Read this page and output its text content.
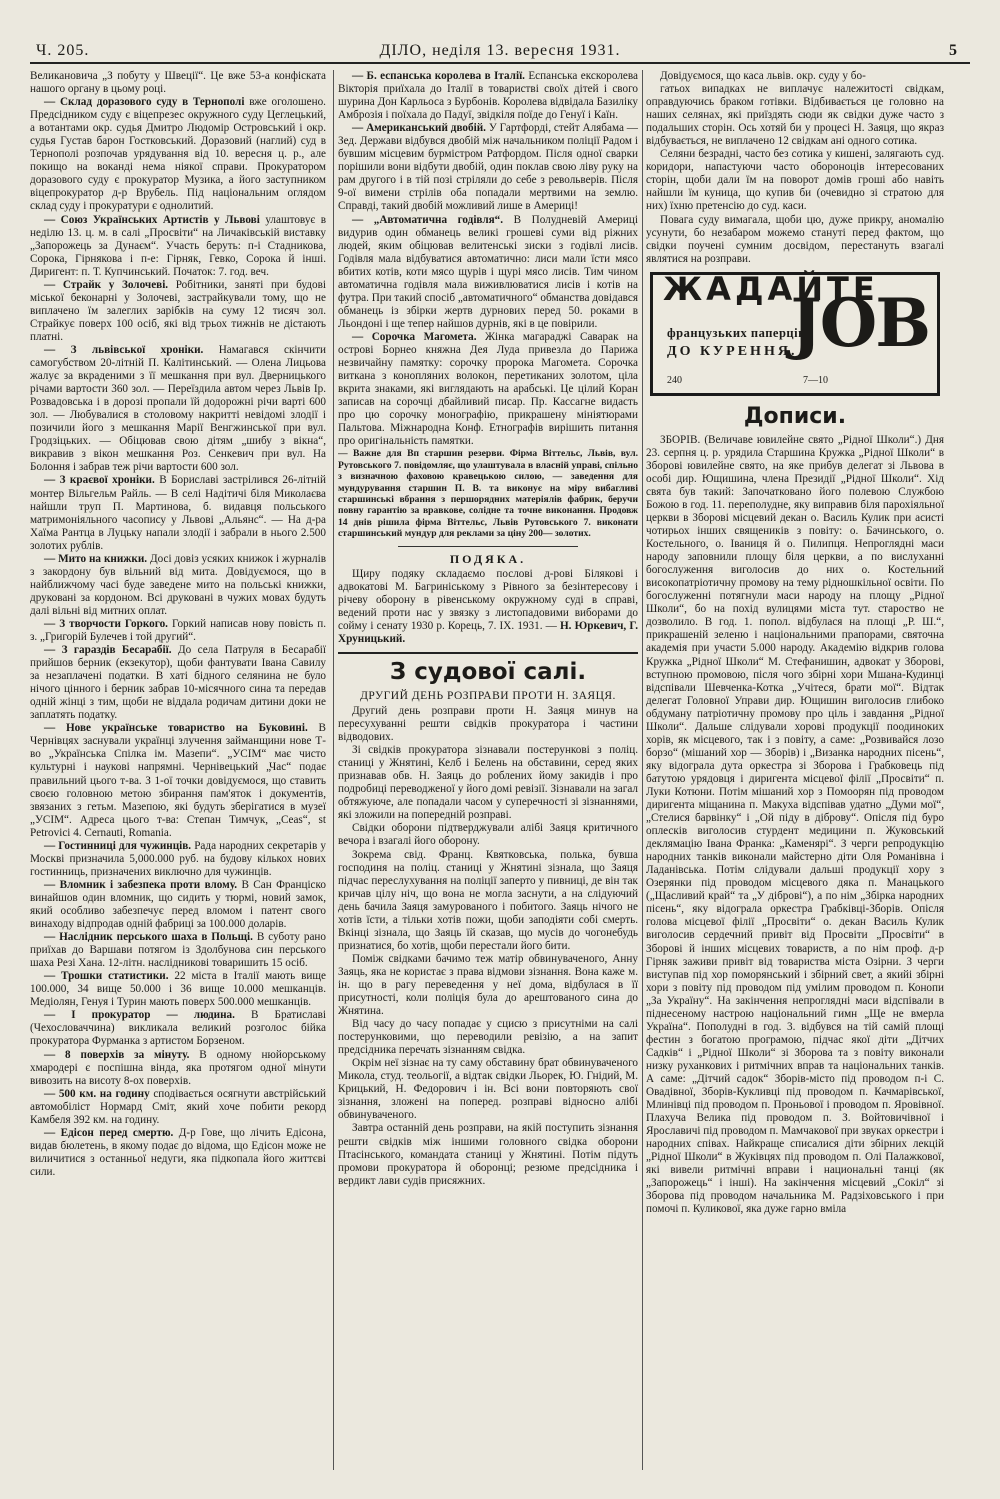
Ч. 205.	ДІЛО, неділя 13. вересня 1931.	5

Великановича „З побуту у Швеції“. Це вже 53-а конфіската нашого органу в цьому році.

— Склад доразового суду в Тернополі вже оголошено. Предсідником суду є віцепрезес окружного суду Цеглецький, а вотантами окр. судья Дмитро Людомір Островський і окр. судья Густав барон Гостковський. Доразовий (наглий) суд в Тернополі розпочав урядування від 10. вересня ц. р., але покищо на воканді нема ніякої справи. Прокуратором доразового суду є прокуратор Музика, а його заступником віцепрокуратор д-р Врубель. Під національним оглядом склад суду і прокуратури є однолитий.

— Союз Українських Артистів у Львові улаштовує в неділю 13. ц. м. в салі „Просвіти“ на Личаківській виставку „Запорожець за Дунаєм“. Участь беруть: п-і Стадникова, Сорока, Гірнякова і п-е: Гірняк, Гевко, Сорока й інші. Диригент: п. Т. Купчинський. Початок: 7. год. веч.

— Страйк у Золочеві. Робітники, заняті при будові міської беконарні у Золочеві, застрайкували тому, що не виплачено їм залеглих зарібків на суму 12 тисяч зол. Страйкує поверх 100 осіб, які від трьох тижнів не дістають платні.

— З львівської хроніки. Намагався скінчити самогубством 20-літній П. Калітинський. — Олена Лицьова жалує за вкраденими з її мешкання при вул. Дверницького річами вартости 360 зол. — Переїздила автом через Львів Ір. Розвадовська і в дорозі пропали їй додорожні річи варті 600 зол. — Любувалися в столовому накритті невідомі злодії і позичили його з мешкання Марії Венгжинської при вул. Гродзіцьких. — Обіцював свою дітям „шибу з вікна“, викравив з вікон мешкання Роз. Сенкевич при вул. На Болоння і забрав теж річи вартости 600 зол.

— З краєвої хроніки. В Бориславі застрілився 26-літній монтер Вільгельм Райль. — В селі Надітичі біля Миколаєва найшли труп П. Мартинова, б. видавця польського матримоніяльного часопису у Львові „Альянс“. — На д-ра Хаїма Рантца в Луцьку напали злодії і забрали в нього 2.500 золотих рублів.

— Мито на книжки. Досі довіз усяких книжок і журналів з закордону був вільний від мита. Довідуємося, що в найближчому часі буде заведене мито на польські книжки, друковані за кордоном. Всі друковані в чужих мовах будуть далі вільні від митних оплат.

— З творчости Горкого. Горкий написав нову повість п. з. „Григорій Булечев і той другий“.

— З гараздів Бесарабії. До села Патруля в Бесарабії прийшов берник (екзекутор), щоби фантувати Івана Савилу за незаплачені податки. В хаті бідного селянина не було нічого цінного і берник забрав 10-місячного сина та передав одній жінці з тим, щоби не віддала родичам дитини доки не заплатять податку.

— Нове українське товариство на Буковині. В Чернівцях заснували українці злучення займанщини нове Т-во „Українська Спілка ім. Мазепи“. „УСІМ“ має чисто культурні і наукові напрямні. Чернівецький „Час“ подає правильний цього т-ва. З 1-ої точки довідуємося, що ставить своєю головною метою збирання пам'яток і документів, звязаних з гетьм. Мазепою, які будуть зберігатися в музеї „УСІМ“. Адреса цього т-ва: Степан Тимчук, „Ceas“, st Petrovici 4. Cernauti, Romania.

— Гостинниці для чужинців. Рада народних секретарів у Москві призначила 5,000.000 руб. на будову кількох нових гостинниць, призначених виключно для чужинців.

— Вломник і забезпека проти влому. В Сан Франціско винайшов один вломник, що сидить у тюрмі, новий замок, який особливо забезпечує перед вломом і патент свого винаходу відпродав одній фабриці за 100.000 доларів.

— Наслідник перського шаха в Польщі. В суботу рано приїхав до Варшави потягом із Здолбунова син перського шаха Резі Хана. 12-літн. наслідникові товаришить 15 осіб.

— Трошки статистики. 22 міста в Італії мають вище 100.000, 34 вище 50.000 і 36 вище 10.000 мешканців. Медіолян, Генуя і Турин мають поверх 500.000 мешканців.

— І прокуратор — людина. В Братиславі (Чехословаччина) викликала великий розголос бійка прокуратора Фурманка з артистом Борзеном.

— 8 поверхів за мінуту. В одному нюйорському хмародері є поспішна вінда, яка протягом одної мінути вивозить на висоту 8-ох поверхів.

— 500 км. на годину сподівається осягнути австрійський автомобіліст Нормард Сміт, який хоче побити рекорд Камбеля 392 км. на годину.

— Едісон перед смертю. Д-р Гове, що лічить Едісона, видав бюлетень, в якому подає до відома, що Едісон може не виличитися з останньої недуги, яка підкопала його життєві сили.

— Б. еспанська королева в Італії. Еспанська екскоролева Вікторія приїхала до Італії в товаристві своїх дітей і свого шурина Дон Карльоса з Бурбонів. Королева відвідала Базиліку Амброзія і поїхала до Падуї, звідкіля поїде до Генуї і Каїн.

— Американський двобій. У Гартфорді, стейт Алябама — Зед. Держави відбувся двобій між начальником поліції Радом і бувшим місцевим бурмістром Ратфордом. Після одної сварки порішили вони відбути двобій, один поклав свою ліву руку на рам другого і в тій позі стріляли до себе з револьверів. Після 9-ої вимени стрілів оба попадали мертвими на землю. Справді, такий двобій можливий лише в Америці!

— „Автоматична годівля“. В Полудневій Америці видурив один обманець великі грошеві суми від ріжних людей, яким обіцював велитенські зиски з годівлі лисів. Годівля мала відбуватися автоматично: лиси мали їсти мясо вбитих котів, коти мясо щурів і щурі мясо лисів. Тим чином автоматична годівля мала виживлюватися лисів і котів на футра. При такий спосіб „автоматичного“ обманства довідався обманець із збірки жертв дурнових перед 50. роками в Льондоні і ще тепер найшов дурнів, які в це повірили.

— Сорочка Магомета. Жінка магараджі Саварак на острові Борнео княжна Дея Луда привезла до Парижа незвичайну памятку: сорочку пророка Магомета. Сорочка виткана з конопляних волокон, перетиканих золотом, ціла вкрита знаками, які виглядають на арабські. Це цілий Коран записав на сорочці дбайливий писар. Пр. Кассагне видасть про цю сорочку монографію, прикрашену мініятюрами Пальтова. Міжнародна Конф. Етнографів вирішить питання про оригінальність памятки.

— Важне для Вп старшин резерви. Фірма Віттельс, Львів, вул. Рутовського 7. повідомляє, що улаштувала в власній управі, спільно з визначною фаховою кравецькою силою, — заведення для мундурування старшин П. В. та виконує на міру вибагливі старшинські вбрання з першорядних матеріялів фабрик, беручи повну гарантію за вравкове, солідне та точне виконання. Продовж 14 днів рішила фірма Віттельс, Львів Рутовського 7. виконати старшинський мундур для реклами за ціну 200— золотих.

ПОДЯКА.

Щиру подяку складаємо послові д-рові Білякові і адвокатові М. Багриніському з Рівного за безінтересову і річеву оборону в рівенському окружному суді в справі, ведений проти нас у звязку з листопадовими виборами до сойму і сенату 1930 р. Корець, 7. IX. 1931. — Н. Юркевич, Г. Хруницький.

З судової салі.
ДРУГИЙ ДЕНЬ РОЗПРАВИ ПРОТИ Н. ЗАЯЦЯ.

Другий день розправи проти Н. Заяця минув на пересухуванні решти свідків прокуратора і частини відводових.

Зі свідків прокуратора зізнавали постерунковi з поліц. станиці у Жнятині, Келб і Белень на обставини, серед яких признавав обв. Н. Заяць до роблених йому закидів і про подробиці переводженої у його домі ревізії. Зізнавали на загал обтяжуюче, але попадали часом у суперечності зі зізнаннями, які зложили на попередній розправі.

Свідки оборони підтверджували алібі Заяця критичного вечора і взагалі його оборону.

Зокрема свід. Франц. Квятковська, полька, бувша господиня на поліц. станиці у Жнятині зізнала, що Заяця підчас переслухування на поліції заперто у пивниці, де він так кричав цілу ніч, що вона не могла заснути, а на слідуючий день бачила Заяця замурованого і побитого. Заяць нічого не хотів їсти, а тільки хотів пожи, щоби заподіяти собі смерть. Вкінці зізнала, що Заяць їй сказав, що мусів до чогонебудь признатися, бо хотів, щоби перестали його бити.

Поміж свідками бачимо теж матір обвинуваченого, Анну Заяць, яка не користає з права відмови зізнання. Вона каже м. ін. що в рагу переведення у неї дома, відбулася в її присутності, коли поліція була до арештованого сина до Жнятина.

Від часу до часу попадає у сцисю з присутніми на салі постерунковими, що переводили ревізію, а на запит предсідника перечать зізнанням свідка.

Окрім неї зізнає на ту саму обставину брат обвинуваченого Микола, студ. теольогії, а відтак свідки Льорек, Ю. Гнідий, М. Крицький, Н. Федорович і ін. Всі вони повторяють свої зізнання, зложені на попеpед. розправі відносно алібі обвинуваченого.

Завтра останній день розправи, на якій поступить зізнання решти свідків між іншими головного свідка оборони Птасінського, командата станиці у Жнятині. Потім підуть промови прокуратора й оборонці; резюме предсідника і вердикт лави судів присяжних.

Довідуємося, що каса львів. окр. суду у бо-

гатьох випадках не виплачує належитості свідкам, оправдуючись браком готівки. Відбивається це головно на наших селянах, які приїздять сюди як свідки дуже часто з подальших сторін. Ось хотяй би у процесі Н. Заяця, що якраз відбувається, не виплачено 12 свідкам ані одного сотика.

Селяни безрадні, часто без сотика у кишені, залягають суд. коридори, напастуючи часто обороноців інтересованих сторін, щоби дали їм на поворот домів гроші або навіть найшли їм куница, що купив би (очевидно зі стратою для них) їхню претенсію до суд. каси.

Повага суду вимагала, щоби цю, дуже прикру, аномалію усунути, бо незабаром можемо стануті перед фактом, що свідки поучені сумним досвідом, перестануть взагалі являтися на розправи.

ЖАДАЙТЕ
французьких паперців
ДО КУРЕННЯ.
JOB
240	7—10
Дописи.

ЗБОРІВ. (Величаве ювилейне свято „Рідної Школи“.) Дня 23. серпня ц. р. урядила Старшина Кружка „Рідної Школи“ в Зборові ювилейне свято, на яке прибув делегат зі Львова в особі дир. Ющишина, члена Президії „Рідної Школи“. Хід свята був такий: Започатковано його полевою Службою Божою в год. 11. переполудне, яку виправив біля парохіяльної церкви в Зборові місцевий декан о. Василь Кулик при асисті чотирьох інших священиків з повіту: о. Бачинського, о. Костельного, о. Іваниця й о. Пилипця. Непроглядні маси народу заповнили площу біля церкви, а по вислуханні богослуження виголосив до них о. Костельний високопатріотичну промову на тему рідношкільної освіти. По богослуженні потягнули маси народу на площу „Рідної Школи“, бо на похід вулицями міста тут. староство не дозволило. В год. 1. попол. відбулася на площі „Р. Ш.“, прикрашеній зеленю і національними прапорами, святочна академія при участи 5.000 народу. Академію відкрив голова Кружка „Рідної Школи“ М. Стефанишин, адвокат у Зборові, вступною промовою, після чого збірні хори Мшана-Кудинці відспівали Шевченка-Котка „Учітеся, брати мої“. Відтак делегат Головної Управи дир. Ющишин виголосив глибоко обдуману патріотичну промову про ціль і завдання „Рідної Школи“. Дальше слідували хорові продукції поодиноких хорів, як місцевого, так і з повіту, а саме: „Розвивайся лозо борзо“ (мішаний хор — Зборів) і „Визанка народних пісень“, яку відограла дута оркестра зі Зборова і Грабковець під батутою урядовця і диригента місцевої філії „Просвіти“ п. Луки Котюни. Потім мішаний хор з Помоорян під проводом диригента міщанина п. Макуха відспівав удатно „Думи мої“, „Стелися барвінку“ і „Ой піду в діброву“. Опісля під буро оплесків виголосив стурдент медицини п. Жуковський деклямацію Івана Франка: „Каменярі“. З черги репродукцію народних танків виконали майстерно діти Оля Романівна і Ладанівська. Потім слідували дальші продукції хору з Озерянки під проводом місцевого дяка п. Манацького („Щасливий край“ та „У діброві“), а по нім „Збірка народних пісень“, яку відограла оркестра Грабківці-Зборів. Опісля голова місцевої філії „Просвіти“ о. декан Василь Кулик виголосив сердечний привіт від Просвіти „Просвіти“ в Зборові й інших місцевих товариств, а по нім проф. д-р Гірняк заживи привіт від товариства міста Озірни. З черги виступав під хор поморянський і збірний свет, а якийі збірні хори з повіту під проводом під умілим проводом п. Конопи „За Україну“. На закінчення непроглядні маси відспівали в піднесеному настрою національний гимн „Ще не вмерла Україна“. Пополудні в год. 3. відбувся на тій самій площі фестин з богатою програмою, підчас якої діти „Дітчих Садків“ і „Рідної Школи“ зі Зборова та з повіту виконали низку руханкових і ритмічних вправ та національних танків. А саме: „Дітчий садок“ Зборів-місто під проводом п-і С. Овадівної, Зборів-Кукливці під проводом п. Качмарівської, Млинівці під проводом п. Проньової і проводом п. Яровівної. Плахуча Велика під проводом п. З. Войтовичівної і Ярославичі під проводом п. Мамчакової при звуках оркестри і народних співах. Найкраще списалися діти збірних лекцій „Рідної Школи“ в Жуківцях під проводом п. Олі Палажкової, які вивели ритмічні вправи і национальні танці (як „Запорожець“ і інші). На закінчення місцевий „Сокіл“ зі Зборова під проводом начальника М. Радзіховського і при помочі п. Куликової, яка дуже гарно вміла
